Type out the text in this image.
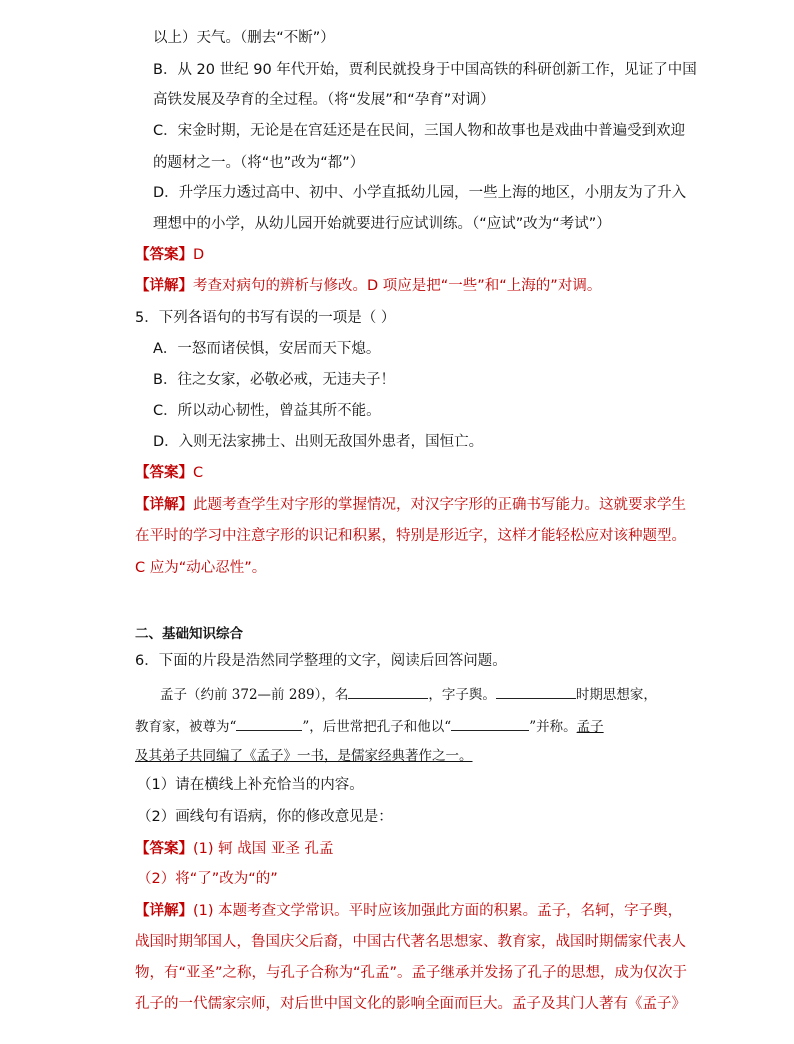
以上）天气。（删去“不断”）
B．从 20 世纪 90 年代开始，贾利民就投身于中国高铁的科研创新工作，见证了中国
高铁发展及孕育的全过程。（将“发展”和“孕育”对调）
C．宋金时期，无论是在宫廷还是在民间，三国人物和故事也是戏曲中普遍受到欢迎
的题材之一。（将“也”改为“都”）
D．升学压力透过高中、初中、小学直抵幼儿园，一些上海的地区，小朋友为了升入
理想中的小学，从幼儿园开始就要进行应试训练。（“应试”改为“考试”）
【答案】D
【详解】考查对病句的辨析与修改。D 项应是把“一些”和“上海的”对调。
5．下列各语句的书写有误的一项是（ ）
A．一怒而诸侯惧，安居而天下熄。
B．往之女家，必敬必戒，无违夫子！
C．所以动心韧性，曾益其所不能。
D．入则无法家拂士、出则无敌国外患者，国恒亡。
【答案】C
【详解】此题考查学生对字形的掌握情况，对汉字字形的正确书写能力。这就要求学生
在平时的学习中注意字形的识记和积累，特别是形近字，这样才能轻松应对该种题型。
C 应为“动心忍性”。
二、基础知识综合
6．下面的片段是浩然同学整理的文字，阅读后回答问题。
孟子（约前 372—前 289），名	，字子舆。	时期思想家，
教育家，被尊为“	”，后世常把孔子和他以“	”并称。孟子
及其弟子共同编了《孟子》一书，是儒家经典著作之一。
（1）请在横线上补充恰当的内容。
（2）画线句有语病，你的修改意见是：
【答案】(1) 轲 战国 亚圣 孔孟
（2）将“了”改为“的”
【详解】(1) 本题考查文学常识。平时应该加强此方面的积累。孟子，名轲，字子舆，
战国时期邹国人，鲁国庆父后裔，中国古代著名思想家、教育家，战国时期儒家代表人
物，有“亚圣”之称，与孔子合称为“孔孟”。孟子继承并发扬了孔子的思想，成为仅次于
孔子的一代儒家宗师，对后世中国文化的影响全面而巨大。孟子及其门人著有《孟子》
